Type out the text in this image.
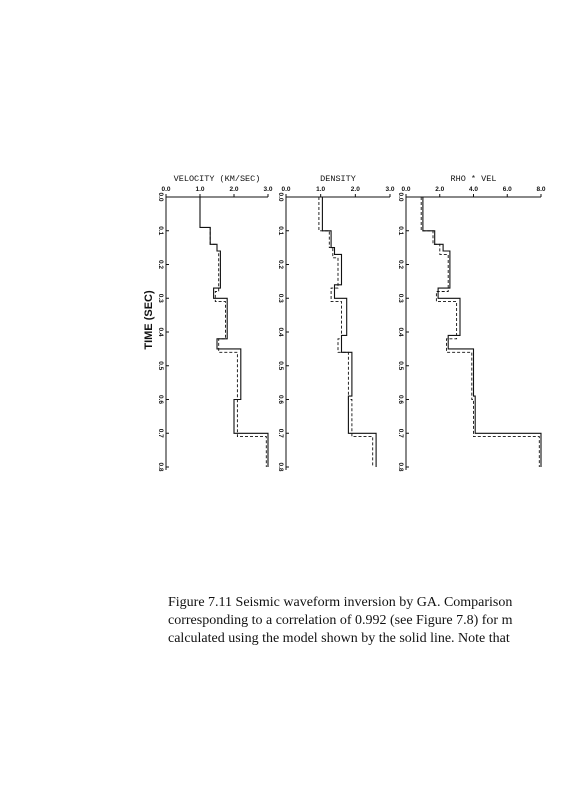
TIME (SEC)
VELOCITY (KM/SEC)
0.0	1.0	2.0	3.0
0.0
0.1
0.2
0.3
0.4
0.5
0.6
0.7
0.8
DENSITY
0.0	1.0	2.0	3.0
0.0
0.1
0.2
0.3
0.4
0.5
0.6
0.7
0.8
RHO * VEL
0.0	2.0	4.0	6.0	8.0
0.0
0.1
0.2
0.3
0.4
0.5
0.6
0.7
0.8
Figure 7.11 Seismic waveform inversion by GA. Comparison
corresponding to a correlation of 0.992 (see Figure 7.8) for m
calculated using the model shown by the solid line. Note that
